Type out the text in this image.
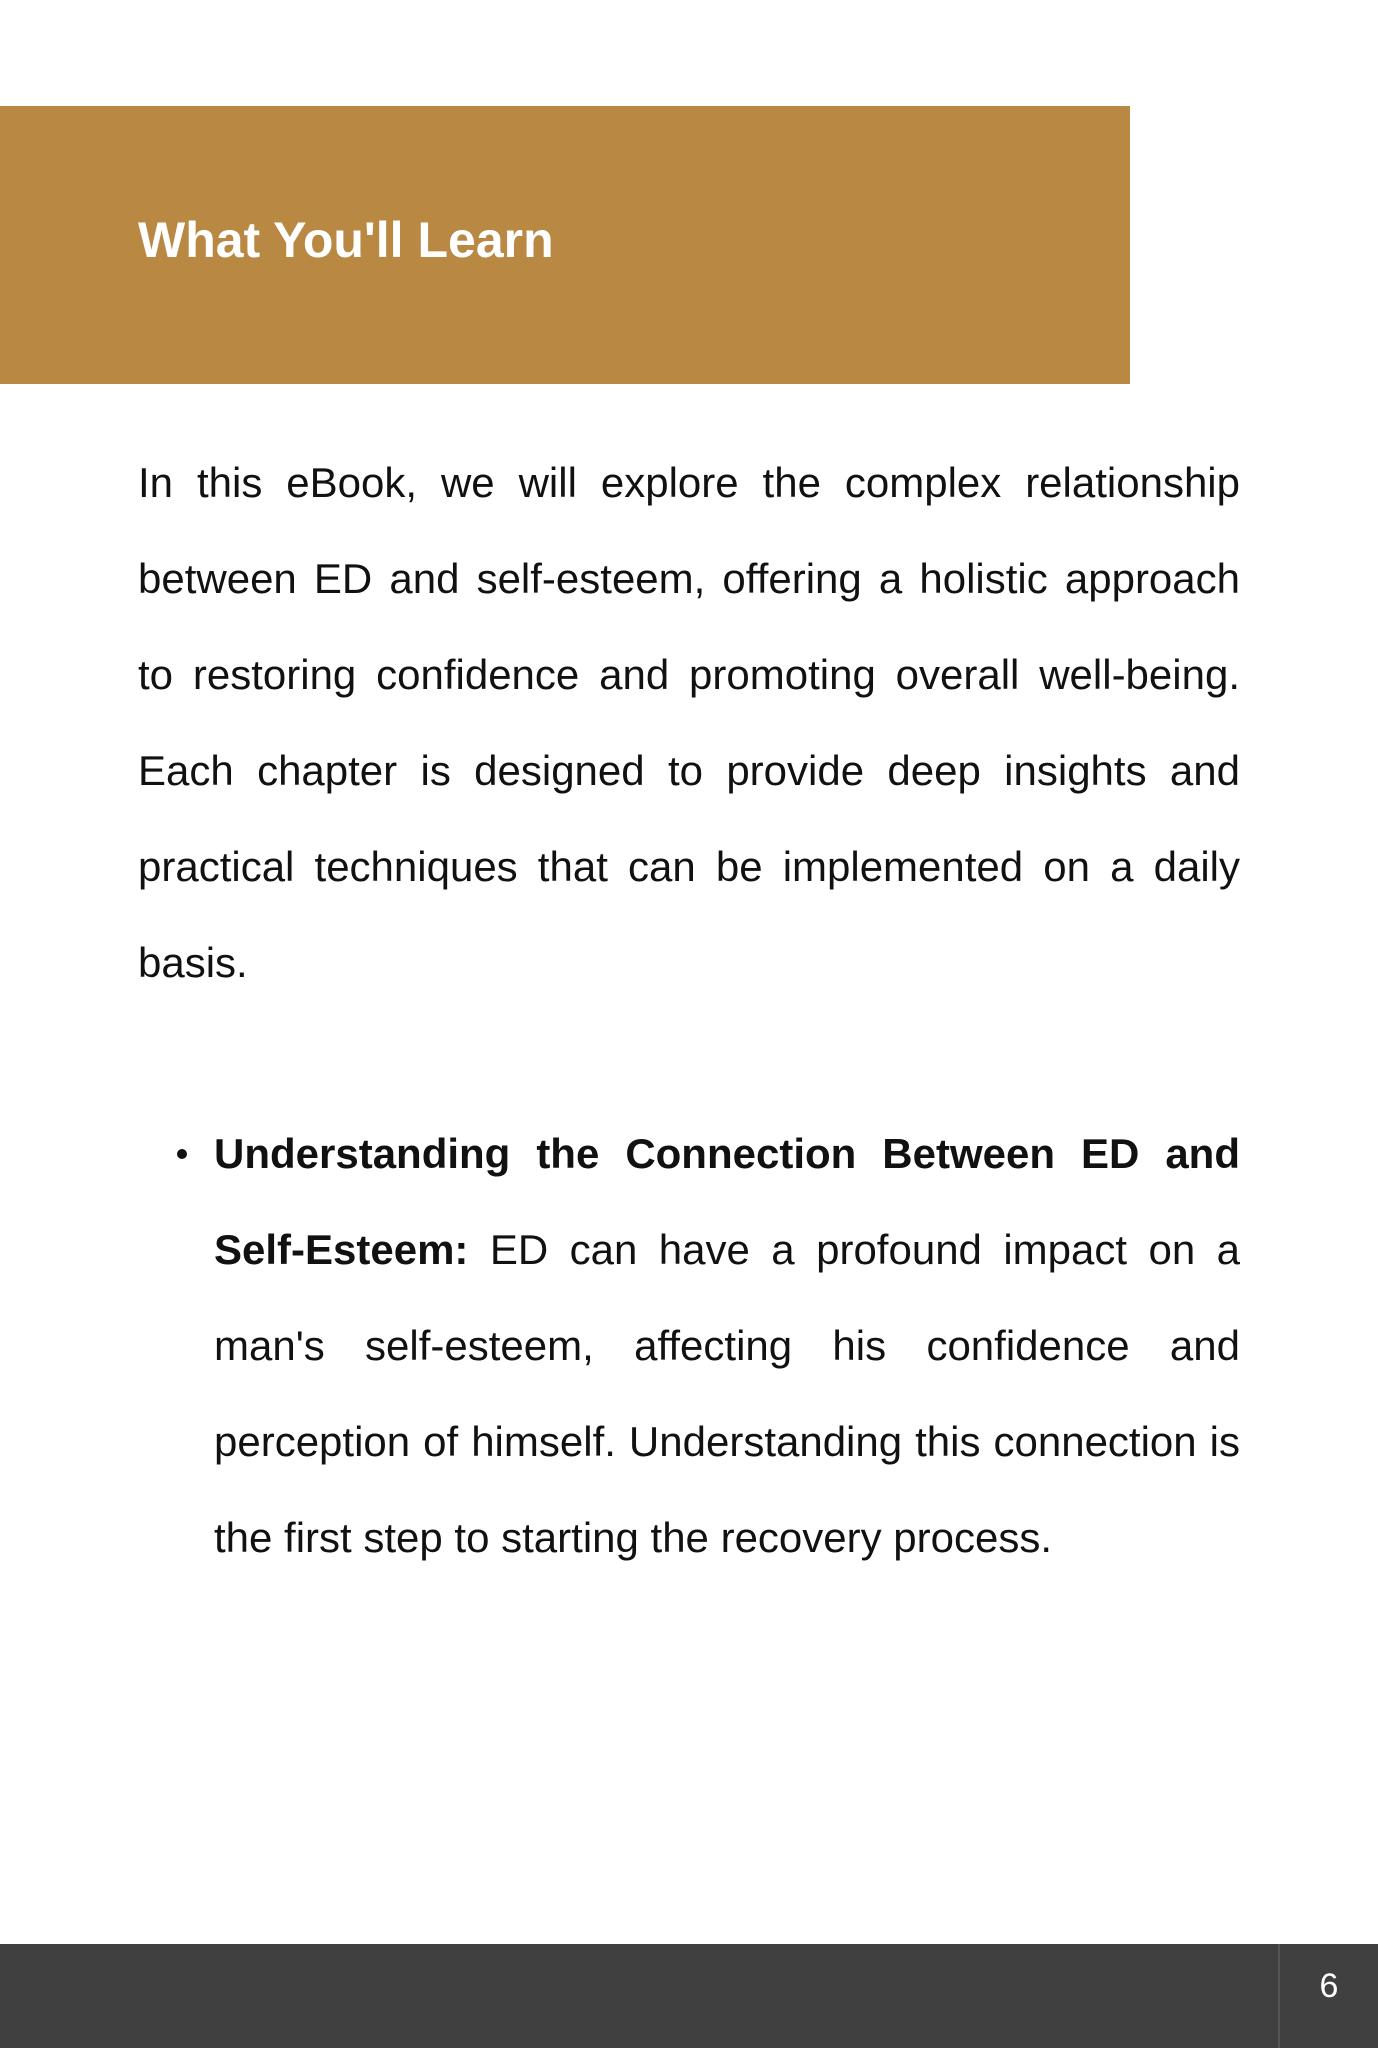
What You'll Learn

In this eBook, we will explore the complex relationship between ED and self-esteem, offering a holistic approach to restoring confidence and promoting overall well-being. Each chapter is designed to provide deep insights and practical techniques that can be implemented on a daily basis.

Understanding the Connection Between ED and Self-Esteem: ED can have a profound impact on a man's self-esteem, affecting his confidence and perception of himself. Understanding this connection is the first step to starting the recovery process.

6
